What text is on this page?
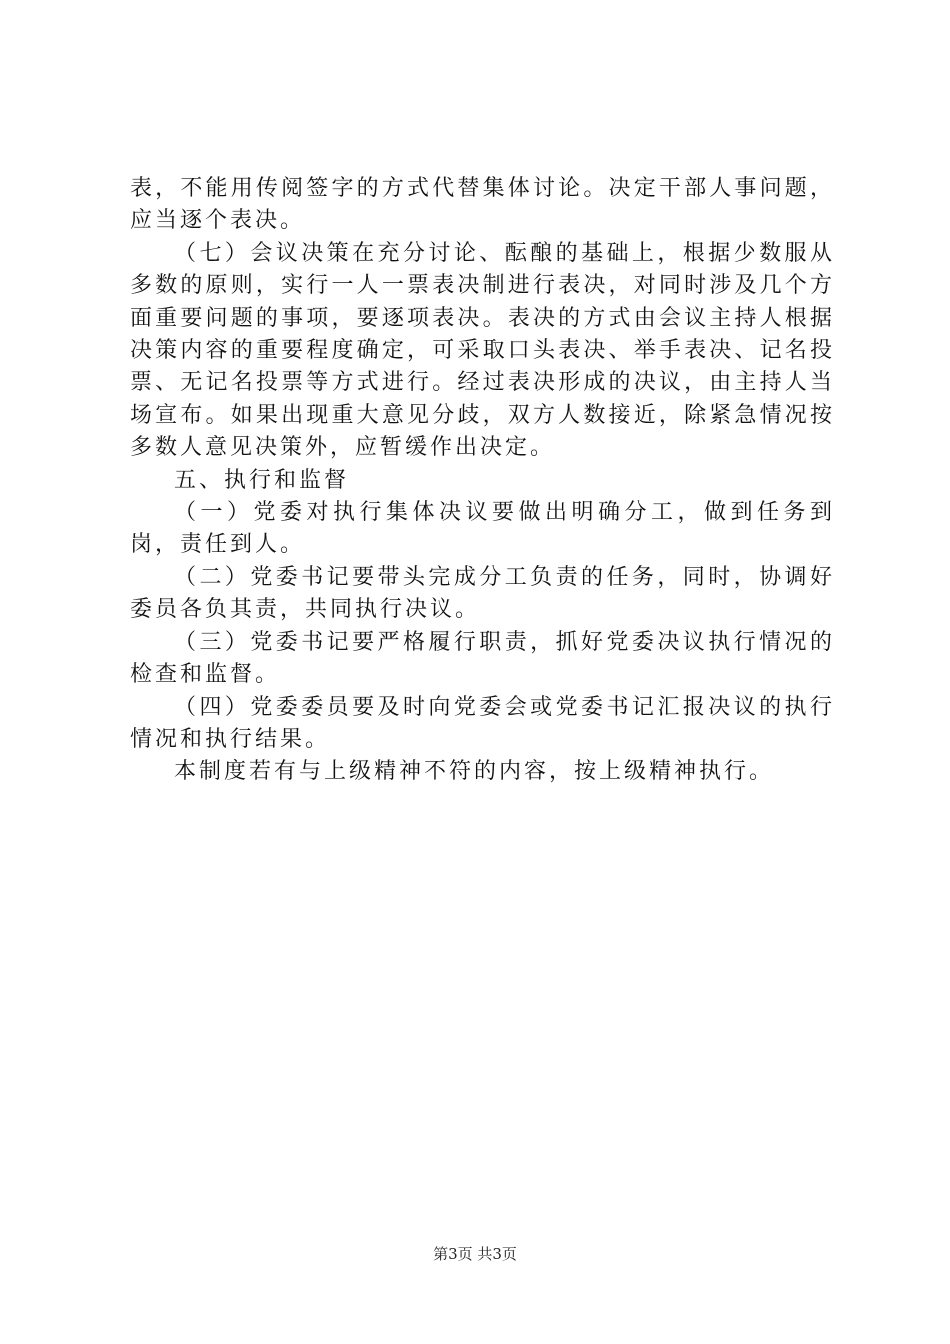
表，不能用传阅签字的方式代替集体讨论。决定干部人事问题，应当逐个表决。

（七）会议决策在充分讨论、酝酿的基础上，根据少数服从多数的原则，实行一人一票表决制进行表决，对同时涉及几个方面重要问题的事项，要逐项表决。表决的方式由会议主持人根据决策内容的重要程度确定，可采取口头表决、举手表决、记名投票、无记名投票等方式进行。经过表决形成的决议，由主持人当场宣布。如果出现重大意见分歧，双方人数接近，除紧急情况按多数人意见决策外，应暂缓作出决定。

五、执行和监督

（一）党委对执行集体决议要做出明确分工，做到任务到岗，责任到人。

（二）党委书记要带头完成分工负责的任务，同时，协调好委员各负其责，共同执行决议。

（三）党委书记要严格履行职责，抓好党委决议执行情况的检查和监督。

（四）党委委员要及时向党委会或党委书记汇报决议的执行情况和执行结果。

本制度若有与上级精神不符的内容，按上级精神执行。

第3页 共3页
